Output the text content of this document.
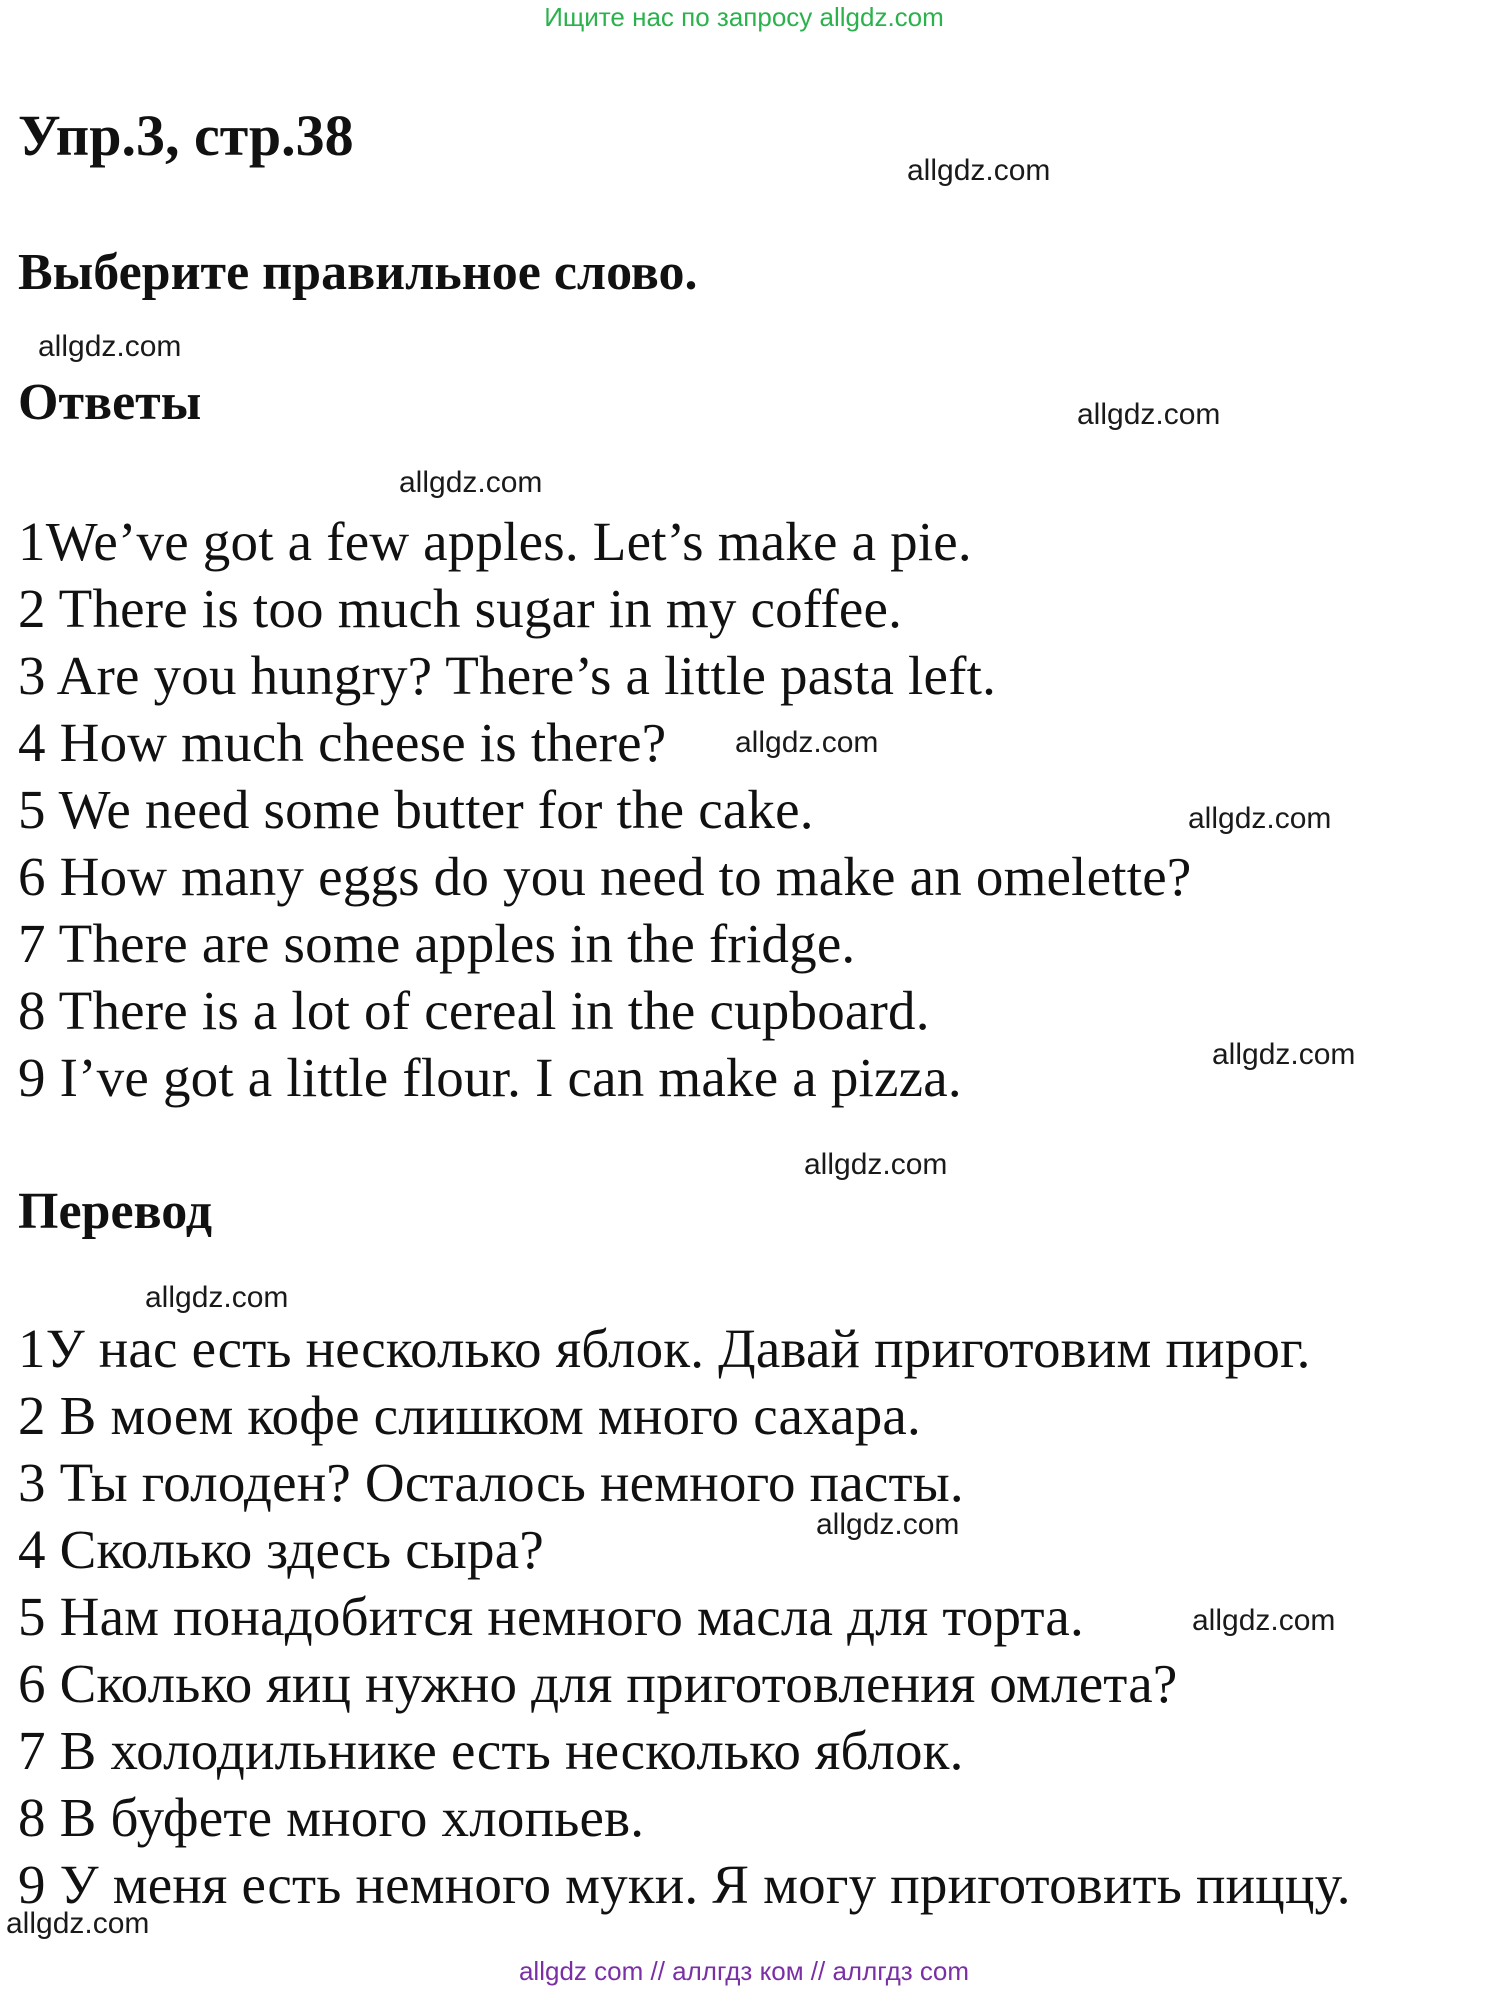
Ищите нас по запросу allgdz.com
Упр.3, стр.38
Выберите правильное слово.
Ответы
1We’ve got a few apples. Let’s make a pie.
2 There is too much sugar in my coffee.
3 Are you hungry? There’s a little pasta left.
4 How much cheese is there?
5 We need some butter for the cake.
6 How many eggs do you need to make an omelette?
7 There are some apples in the fridge.
8 There is a lot of cereal in the cupboard.
9 I’ve got a little flour. I can make a pizza.
Перевод
1У нас есть несколько яблок. Давай приготовим пирог.
2 В моем кофе слишком много сахара.
3 Ты голоден? Осталось немного пасты.
4 Сколько здесь сыра?
5 Нам понадобится немного масла для торта.
6 Сколько яиц нужно для приготовления омлета?
7 В холодильнике есть несколько яблок.
8 В буфете много хлопьев.
9 У меня есть немного муки. Я могу приготовить пиццу.
allgdz.com
allgdz.com
allgdz.com
allgdz.com
allgdz.com
allgdz.com
allgdz.com
allgdz.com
allgdz.com
allgdz.com
allgdz.com
allgdz.com
allgdz com // аллгдз ком // аллгдз com
